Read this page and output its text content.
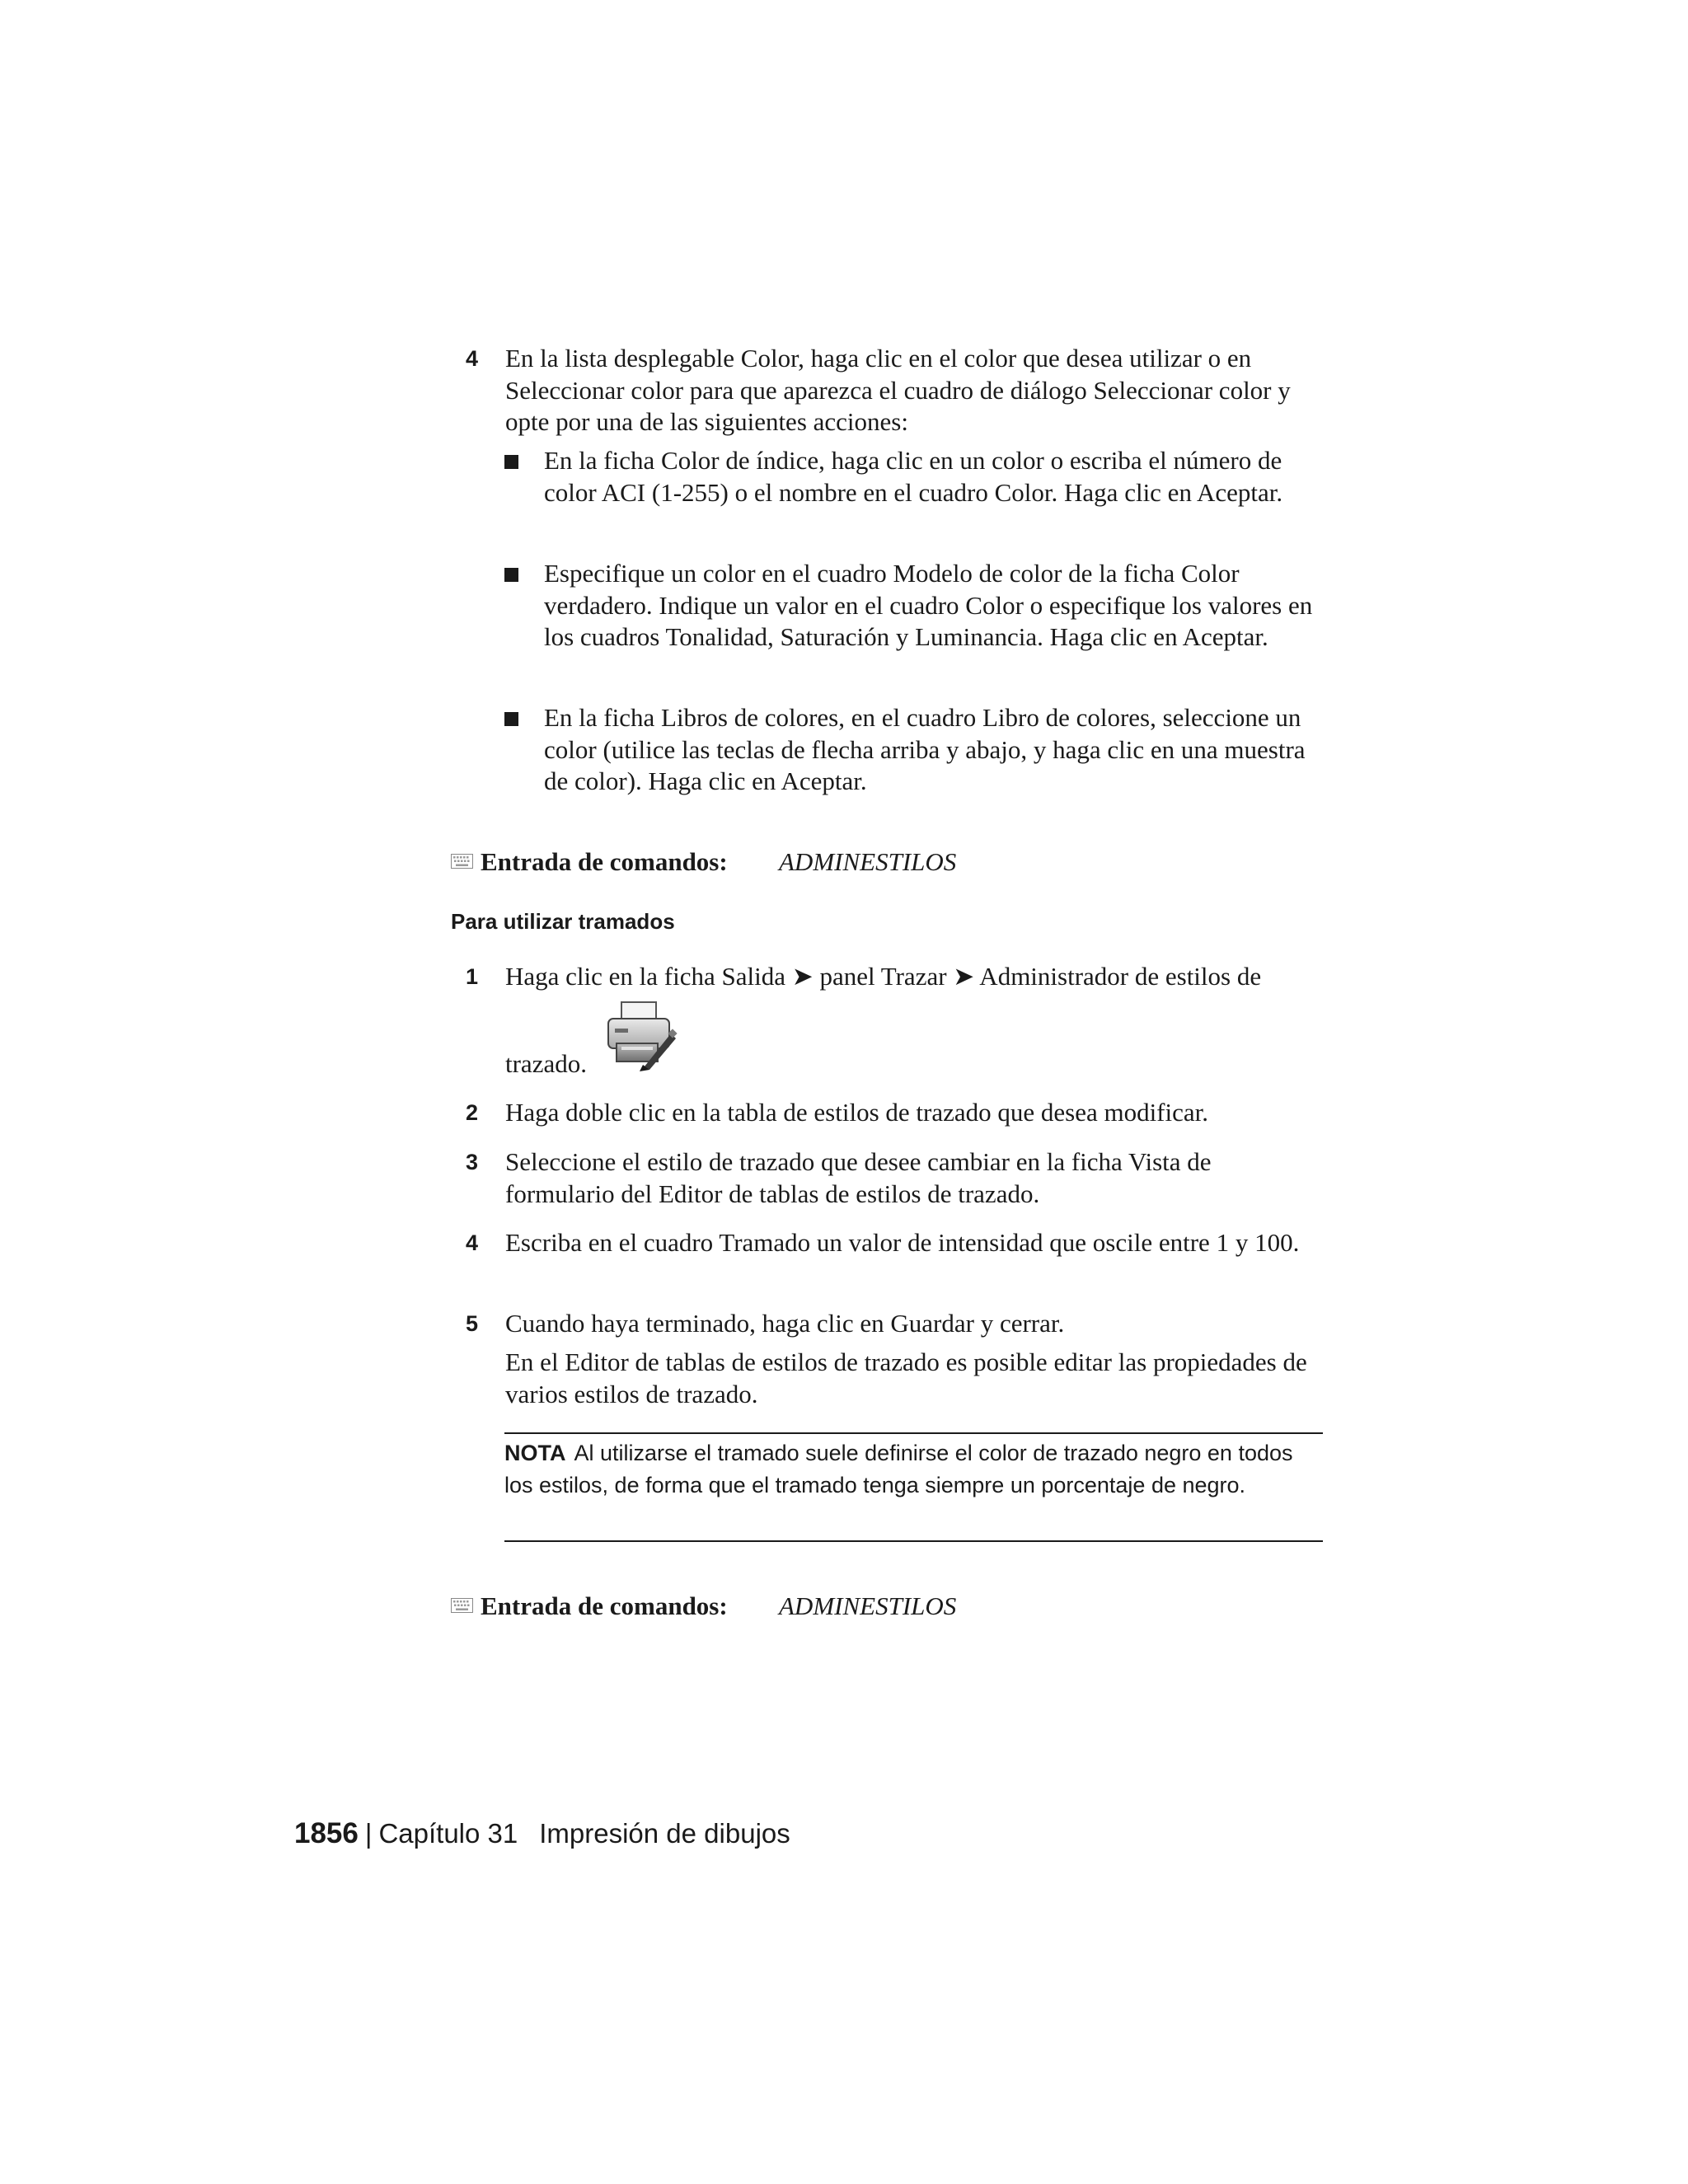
4	En la lista desplegable Color, haga clic en el color que desea utilizar o en Seleccionar color para que aparezca el cuadro de diálogo Seleccionar color y opte por una de las siguientes acciones:
En la ficha Color de índice, haga clic en un color o escriba el número de color ACI (1-255) o el nombre en el cuadro Color. Haga clic en Aceptar.
Especifique un color en el cuadro Modelo de color de la ficha Color verdadero. Indique un valor en el cuadro Color o especifique los valores en los cuadros Tonalidad, Saturación y Luminancia. Haga clic en Aceptar.
En la ficha Libros de colores, en el cuadro Libro de colores, seleccione un color (utilice las teclas de flecha arriba y abajo, y haga clic en una muestra de color). Haga clic en Aceptar.
Entrada de comandos: ADMINESTILOS
Para utilizar tramados
1	Haga clic en la ficha Salida ➤ panel Trazar ➤ Administrador de estilos de
trazado.
2	Haga doble clic en la tabla de estilos de trazado que desea modificar.
3	Seleccione el estilo de trazado que desee cambiar en la ficha Vista de formulario del Editor de tablas de estilos de trazado.
4	Escriba en el cuadro Tramado un valor de intensidad que oscile entre 1 y 100.
5	Cuando haya terminado, haga clic en Guardar y cerrar.
En el Editor de tablas de estilos de trazado es posible editar las propiedades de varios estilos de trazado.
NOTA Al utilizarse el tramado suele definirse el color de trazado negro en todos los estilos, de forma que el tramado tenga siempre un porcentaje de negro.
Entrada de comandos: ADMINESTILOS
1856 | Capítulo 31 Impresión de dibujos
